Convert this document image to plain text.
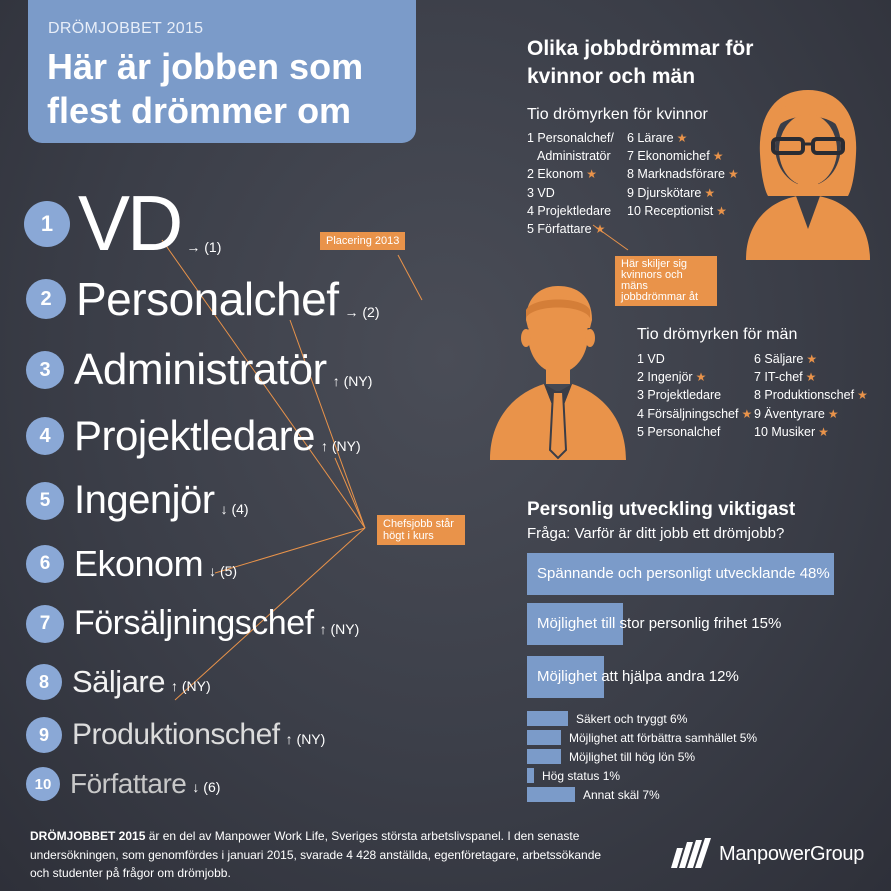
DRÖMJOBBET 2015
Här är jobben som flest drömmer om
1 VD → (1)
2 Personalchef → (2)
3 Administratör ↑ (NY)
4 Projektledare ↑ (NY)
5 Ingenjör ↓ (4)
6 Ekonom ↓ (5)
7 Försäljningschef ↑ (NY)
8 Säljare ↑ (NY)
9 Produktionschef ↑ (NY)
10 Författare ↓ (6)
Placering 2013
Chefsjobb står högt i kurs
Här skiljer sig kvinnors och mäns jobbdrömmar åt
Olika jobbdrömmar för kvinnor och män
Tio drömyrken för kvinnor
1 Personalchef/
Administratör
2 Ekonom ★
3 VD
4 Projektledare
5 Författare ★
6 Lärare ★
7 Ekonomichef ★
8 Marknadsförare ★
9 Djurskötare ★
10 Receptionist ★
Tio drömyrken för män
1 VD
2 Ingenjör ★
3 Projektledare
4 Försäljningschef ★
5 Personalchef
6 Säljare ★
7 IT-chef ★
8 Produktionschef ★
9 Äventyrare ★
10 Musiker ★
Personlig utveckling viktigast
Fråga: Varför är ditt jobb ett drömjobb?
Spännande och personligt utvecklande 48%
Möjlighet till stor personlig frihet 15%
Möjlighet att hjälpa andra 12%
Säkert och tryggt 6%
Möjlighet att förbättra samhället 5%
Möjlighet till hög lön 5%
Hög status 1%
Annat skäl 7%
DRÖMJOBBET 2015 är en del av Manpower Work Life, Sveriges största arbetslivspanel. I den senaste undersökningen, som genomfördes i januari 2015, svarade 4 428 anställda, egenföretagare, arbetssökande och studenter på frågor om drömjobb.
ManpowerGroup
